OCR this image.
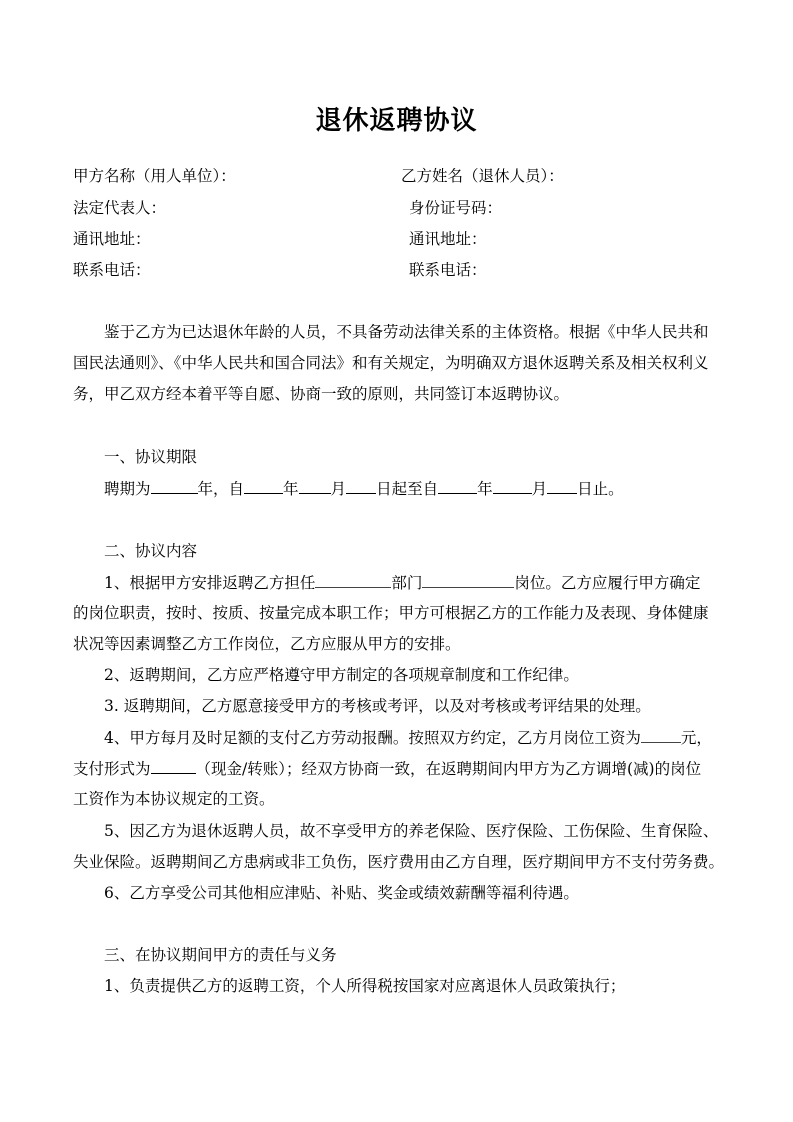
退休返聘协议
甲方名称（用人单位）：	乙方姓名（退休人员）：
法定代表人：	身份证号码：
通讯地址：	通讯地址：
联系电话：	联系电话：
鉴于乙方为已达退休年龄的人员，不具备劳动法律关系的主体资格。根据《中华人民共和
国民法通则》、《中华人民共和国合同法》和有关规定，为明确双方退休返聘关系及相关权利义
务，甲乙双方经本着平等自愿、协商一致的原则，共同签订本返聘协议。
一、协议期限
聘期为	年，自	年 月 日起至自	年	月 日止。
二、协议内容
1、根据甲方安排返聘乙方担任	部门	岗位。乙方应履行甲方确定
的岗位职责，按时、按质、按量完成本职工作；甲方可根据乙方的工作能力及表现、身体健康
状况等因素调整乙方工作岗位，乙方应服从甲方的安排。
2、返聘期间，乙方应严格遵守甲方制定的各项规章制度和工作纪律。
3. 返聘期间，乙方愿意接受甲方的考核或考评，以及对考核或考评结果的处理。
4、甲方每月及时足额的支付乙方劳动报酬。按照双方约定，乙方月岗位工资为	元，
支付形式为	（现金/转账）；经双方协商一致，在返聘期间内甲方为乙方调增(减)的岗位
工资作为本协议规定的工资。
5、因乙方为退休返聘人员，故不享受甲方的养老保险、医疗保险、工伤保险、生育保险、
失业保险。返聘期间乙方患病或非工负伤，医疗费用由乙方自理，医疗期间甲方不支付劳务费。
6、乙方享受公司其他相应津贴、补贴、奖金或绩效薪酬等福利待遇。
三、在协议期间甲方的责任与义务
1、负责提供乙方的返聘工资，个人所得税按国家对应离退休人员政策执行；
